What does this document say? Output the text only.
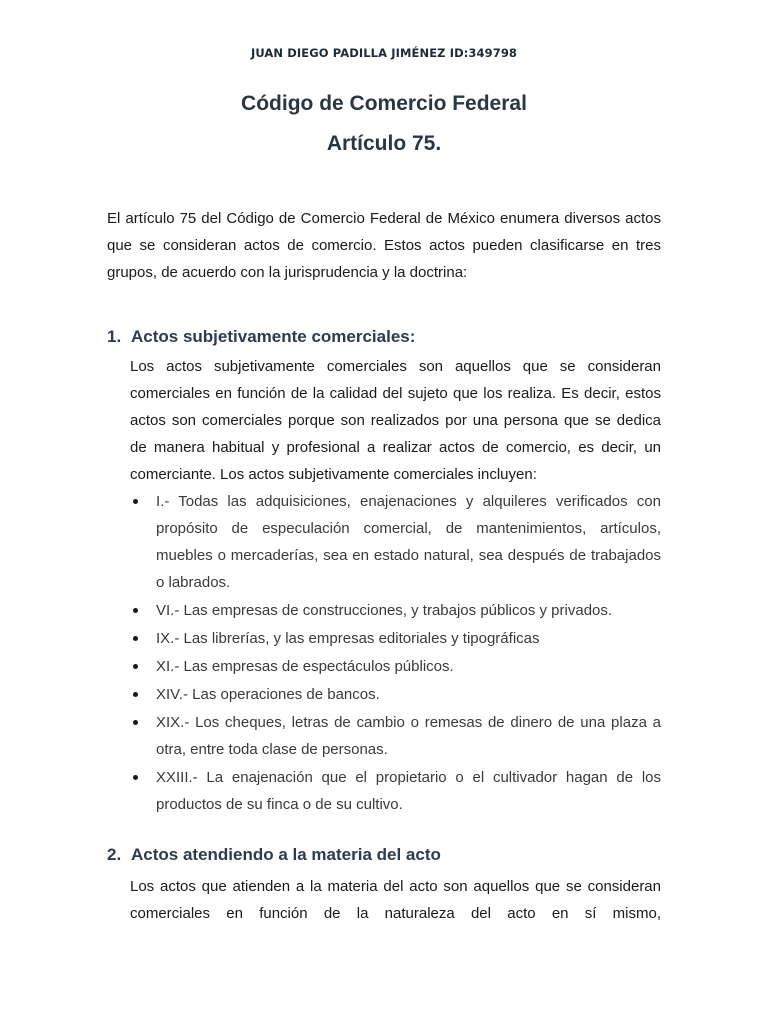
JUAN DIEGO PADILLA JIMÉNEZ ID:349798
Código de Comercio Federal
Artículo 75.
El artículo 75 del Código de Comercio Federal de México enumera diversos actos que se consideran actos de comercio. Estos actos pueden clasificarse en tres grupos, de acuerdo con la jurisprudencia y la doctrina:
1. Actos subjetivamente comerciales:
Los actos subjetivamente comerciales son aquellos que se consideran comerciales en función de la calidad del sujeto que los realiza. Es decir, estos actos son comerciales porque son realizados por una persona que se dedica de manera habitual y profesional a realizar actos de comercio, es decir, un comerciante. Los actos subjetivamente comerciales incluyen:
I.- Todas las adquisiciones, enajenaciones y alquileres verificados con propósito de especulación comercial, de mantenimientos, artículos, muebles o mercaderías, sea en estado natural, sea después de trabajados o labrados.
VI.- Las empresas de construcciones, y trabajos públicos y privados.
IX.- Las librerías, y las empresas editoriales y tipográficas
XI.- Las empresas de espectáculos públicos.
XIV.- Las operaciones de bancos.
XIX.- Los cheques, letras de cambio o remesas de dinero de una plaza a otra, entre toda clase de personas.
XXIII.- La enajenación que el propietario o el cultivador hagan de los productos de su finca o de su cultivo.
2. Actos atendiendo a la materia del acto
Los actos que atienden a la materia del acto son aquellos que se consideran comerciales en función de la naturaleza del acto en sí mismo,
